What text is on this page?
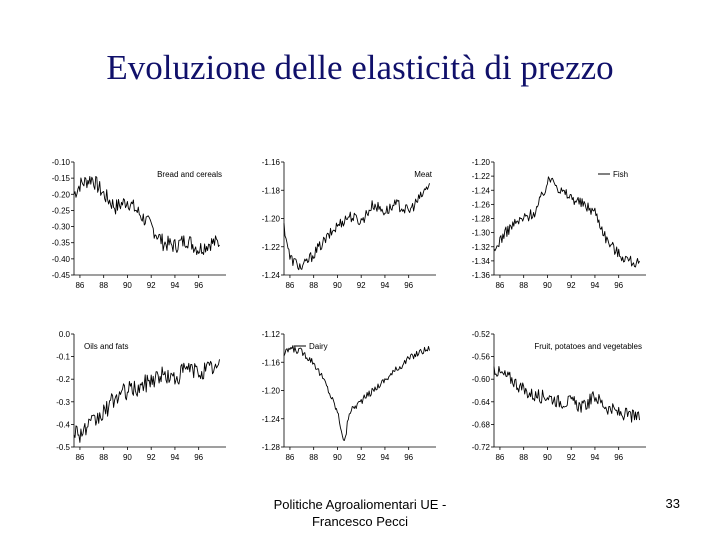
Evoluzione delle elasticità di prezzo
-0.10
-0.15
-0.20
-0.25
-0.30
-0.35
-0.40
-0.45
86 88 90 92 94 96
Bread and cereals
-1.16
-1.18
-1.20
-1.22
-1.24
86 88 90 92 94 96
Meat
-1.20
-1.22
-1.24
-1.26
-1.28
-1.30
-1.32
-1.34
-1.36
86 88 90 92 94 96
Fish
0.0
-0.1
-0.2
-0.3
-0.4
-0.5
86 88 90 92 94 96
Oils and fats
-1.12
-1.16
-1.20
-1.24
-1.28
86 88 90 92 94 96
Dairy
-0.52
-0.56
-0.60
-0.64
-0.68
-0.72
86 88 90 92 94 96
Fruit, potatoes and vegetables
Politiche Agroaliomentari UE - Francesco Pecci
33
